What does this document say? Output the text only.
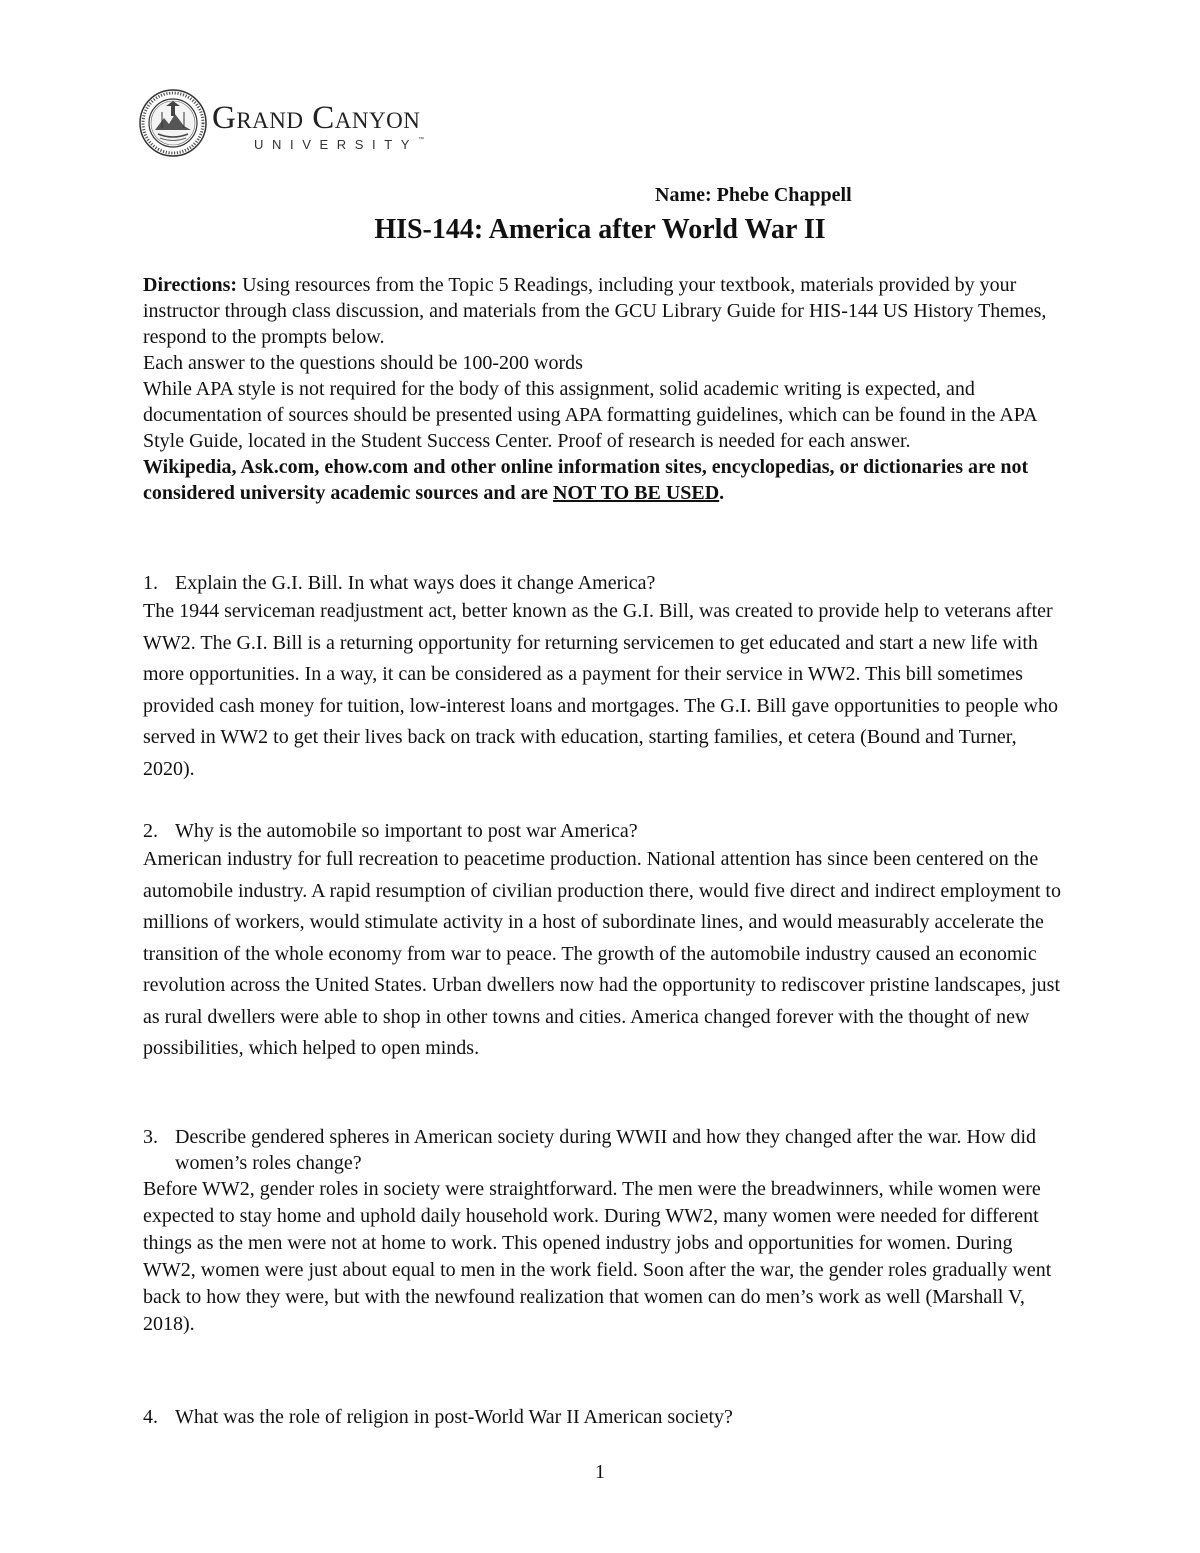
Grand Canyon
UNIVERSITY™
Name: Phebe Chappell
HIS-144: America after World War II

Directions: Using resources from the Topic 5 Readings, including your textbook, materials provided by your instructor through class discussion, and materials from the GCU Library Guide for HIS-144 US History Themes, respond to the prompts below.

Each answer to the questions should be 100-200 words

While APA style is not required for the body of this assignment, solid academic writing is expected, and documentation of sources should be presented using APA formatting guidelines, which can be found in the APA Style Guide, located in the Student Success Center. Proof of research is needed for each answer.

Wikipedia, Ask.com, ehow.com and other online information sites, encyclopedias, or dictionaries are not considered university academic sources and are NOT TO BE USED.

1. Explain the G.I. Bill. In what ways does it change America?

The 1944 serviceman readjustment act, better known as the G.I. Bill, was created to provide help to veterans after WW2. The G.I. Bill is a returning opportunity for returning servicemen to get educated and start a new life with more opportunities. In a way, it can be considered as a payment for their service in WW2. This bill sometimes provided cash money for tuition, low-interest loans and mortgages. The G.I. Bill gave opportunities to people who served in WW2 to get their lives back on track with education, starting families, et cetera (Bound and Turner, 2020).

2. Why is the automobile so important to post war America?

American industry for full recreation to peacetime production. National attention has since been centered on the automobile industry. A rapid resumption of civilian production there, would five direct and indirect employment to millions of workers, would stimulate activity in a host of subordinate lines, and would measurably accelerate the transition of the whole economy from war to peace. The growth of the automobile industry caused an economic revolution across the United States. Urban dwellers now had the opportunity to rediscover pristine landscapes, just as rural dwellers were able to shop in other towns and cities. America changed forever with the thought of new possibilities, which helped to open minds.

3. Describe gendered spheres in American society during WWII and how they changed after the war. How did women’s roles change?

Before WW2, gender roles in society were straightforward. The men were the breadwinners, while women were expected to stay home and uphold daily household work. During WW2, many women were needed for different things as the men were not at home to work. This opened industry jobs and opportunities for women. During WW2, women were just about equal to men in the work field. Soon after the war, the gender roles gradually went back to how they were, but with the newfound realization that women can do men’s work as well (Marshall V, 2018).

4. What was the role of religion in post-World War II American society?
1
